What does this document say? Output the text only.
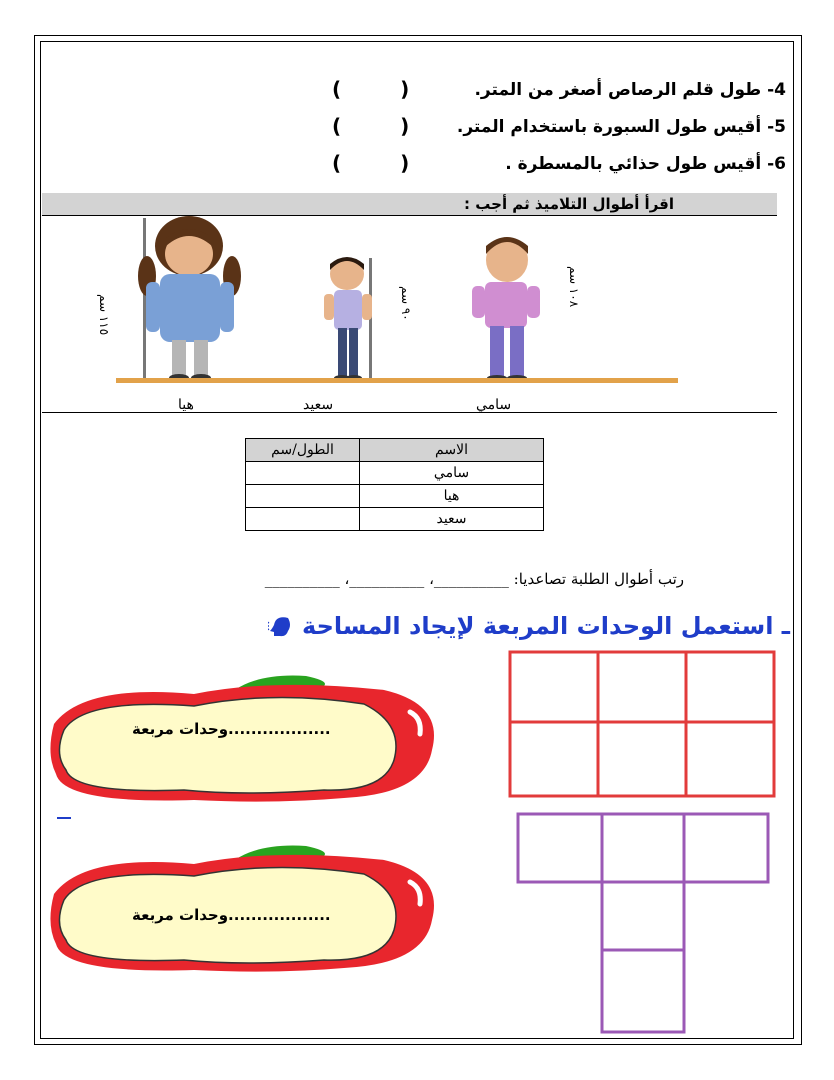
4- طول قلم الرصاص أصغر من المتر.
( )
5- أقيس طول السبورة باستخدام المتر.
( )
6- أقيس طول حذائي بالمسطرة .
( )
اقرأ أطوال التلاميذ ثم أجب :
١١٥ سم
٩٠ سم
١٠٨ سم
هيا	سعيد	سامي
الاسم	الطول/سم
سامي	
هيا	
سعيد	
رتب أطوال الطلبة تصاعديا: __________، __________، __________
ـ استعمل الوحدات المربعة لإيجاد المساحة
..................وحدات مربعة
..................وحدات مربعة
